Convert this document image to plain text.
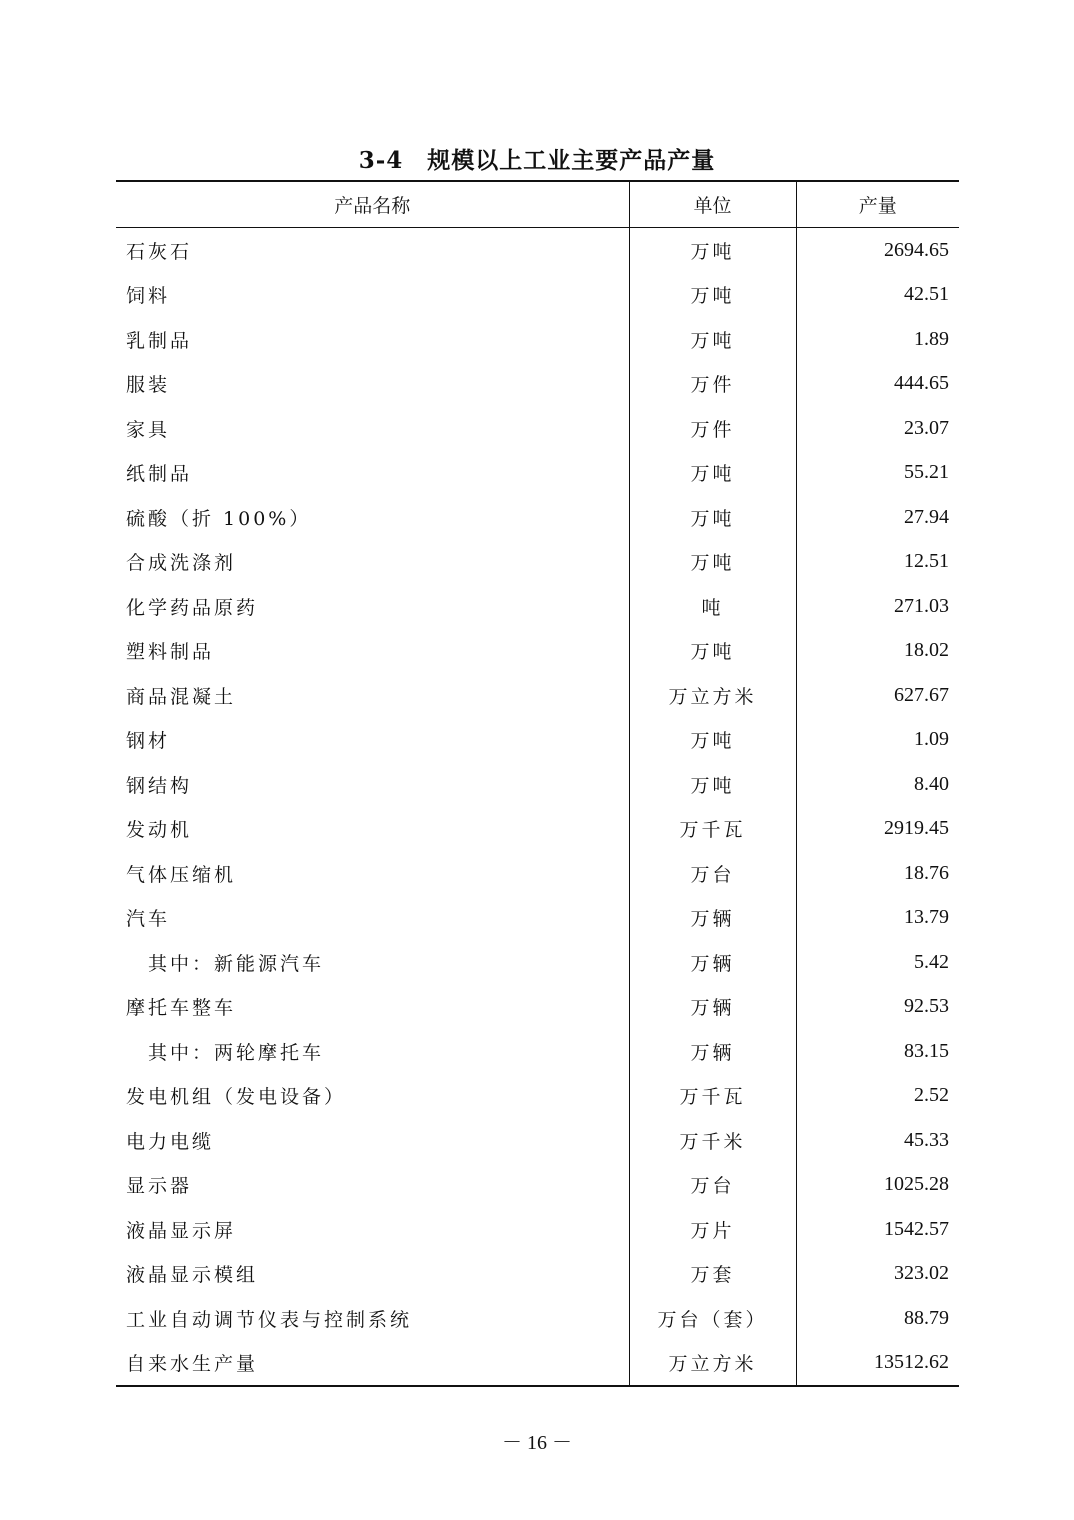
3-4　规模以上工业主要产品产量
产品名称	单位	产量
石灰石	万吨	2694.65
饲料	万吨	42.51
乳制品	万吨	1.89
服装	万件	444.65
家具	万件	23.07
纸制品	万吨	55.21
硫酸（折 100%）	万吨	27.94
合成洗涤剂	万吨	12.51
化学药品原药	吨	271.03
塑料制品	万吨	18.02
商品混凝土	万立方米	627.67
钢材	万吨	1.09
钢结构	万吨	8.40
发动机	万千瓦	2919.45
气体压缩机	万台	18.76
汽车	万辆	13.79
其中：新能源汽车	万辆	5.42
摩托车整车	万辆	92.53
其中：两轮摩托车	万辆	83.15
发电机组（发电设备）	万千瓦	2.52
电力电缆	万千米	45.33
显示器	万台	1025.28
液晶显示屏	万片	1542.57
液晶显示模组	万套	323.02
工业自动调节仪表与控制系统	万台（套）	88.79
自来水生产量	万立方米	13512.62
－ 16 －
